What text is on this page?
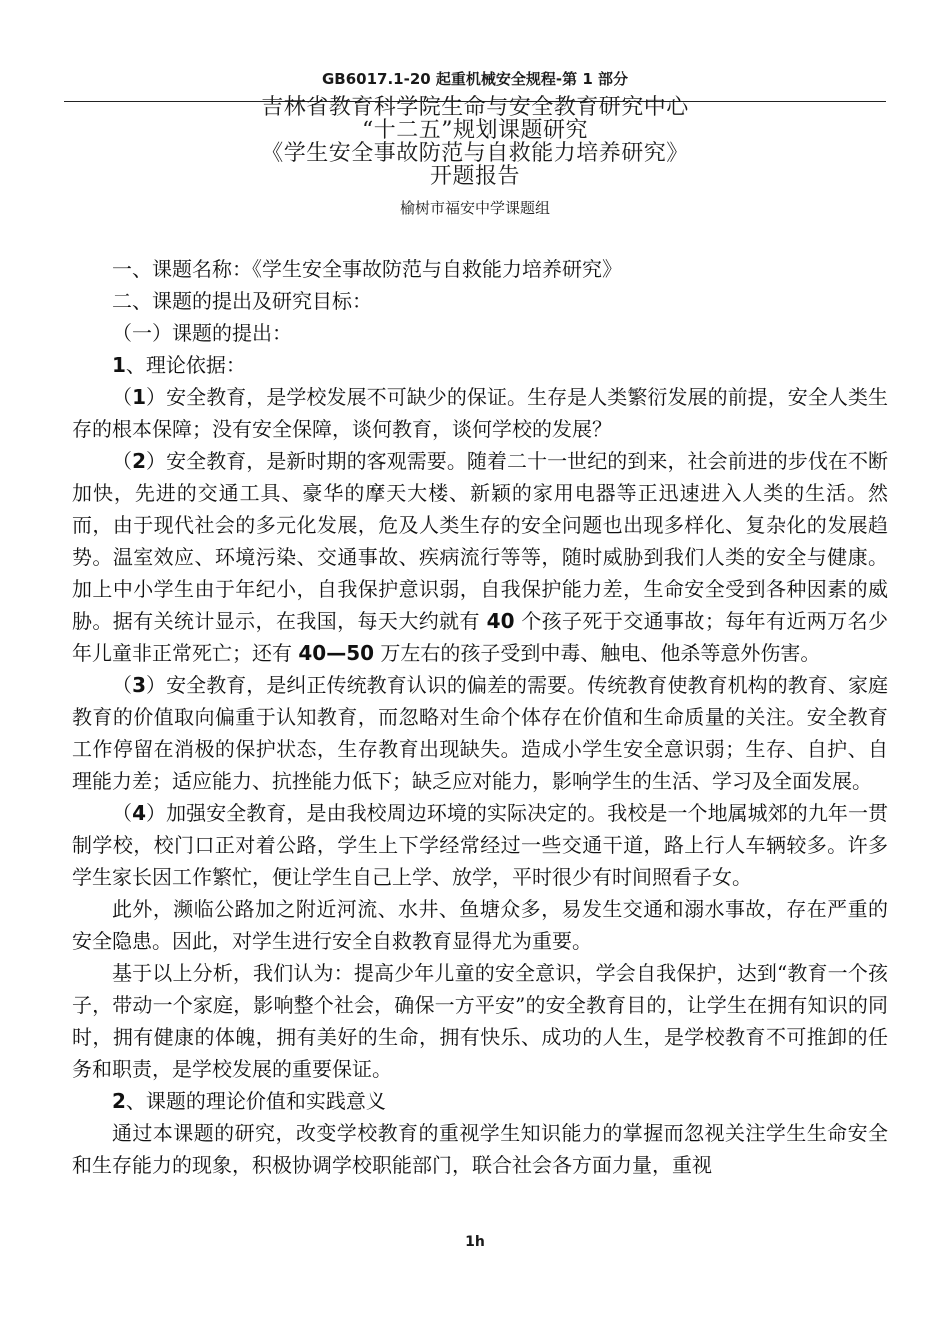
GB6017.1-20 起重机械安全规程-第 1 部分
吉林省教育科学院生命与安全教育研究中心
“十二五”规划课题研究
《学生安全事故防范与自救能力培养研究》
开题报告
榆树市福安中学课题组

一、课题名称：《学生安全事故防范与自救能力培养研究》

二、课题的提出及研究目标：

（一）课题的提出：

1、理论依据：

（1）安全教育，是学校发展不可缺少的保证。生存是人类繁衍发展的前提，安全人类生存的根本保障；没有安全保障，谈何教育，谈何学校的发展？

（2）安全教育，是新时期的客观需要。随着二十一世纪的到来，社会前进的步伐在不断加快，先进的交通工具、豪华的摩天大楼、新颖的家用电器等正迅速进入人类的生活。然而，由于现代社会的多元化发展，危及人类生存的安全问题也出现多样化、复杂化的发展趋势。温室效应、环境污染、交通事故、疾病流行等等，随时威胁到我们人类的安全与健康。加上中小学生由于年纪小，自我保护意识弱，自我保护能力差，生命安全受到各种因素的威胁。据有关统计显示，在我国，每天大约就有 40 个孩子死于交通事故；每年有近两万名少年儿童非正常死亡；还有 40—50 万左右的孩子受到中毒、触电、他杀等意外伤害。

（3）安全教育，是纠正传统教育认识的偏差的需要。传统教育使教育机构的教育、家庭教育的价值取向偏重于认知教育，而忽略对生命个体存在价值和生命质量的关注。安全教育工作停留在消极的保护状态，生存教育出现缺失。造成小学生安全意识弱；生存、自护、自理能力差；适应能力、抗挫能力低下；缺乏应对能力，影响学生的生活、学习及全面发展。

（4）加强安全教育，是由我校周边环境的实际决定的。我校是一个地属城郊的九年一贯制学校，校门口正对着公路，学生上下学经常经过一些交通干道，路上行人车辆较多。许多学生家长因工作繁忙，便让学生自己上学、放学，平时很少有时间照看子女。

此外，濒临公路加之附近河流、水井、鱼塘众多，易发生交通和溺水事故，存在严重的安全隐患。因此，对学生进行安全自救教育显得尤为重要。

基于以上分析，我们认为：提高少年儿童的安全意识，学会自我保护，达到“教育一个孩子，带动一个家庭，影响整个社会，确保一方平安”的安全教育目的，让学生在拥有知识的同时，拥有健康的体魄，拥有美好的生命，拥有快乐、成功的人生，是学校教育不可推卸的任务和职责，是学校发展的重要保证。

2、课题的理论价值和实践意义

通过本课题的研究，改变学校教育的重视学生知识能力的掌握而忽视关注学生生命安全和生存能力的现象，积极协调学校职能部门，联合社会各方面力量，重视

1h
